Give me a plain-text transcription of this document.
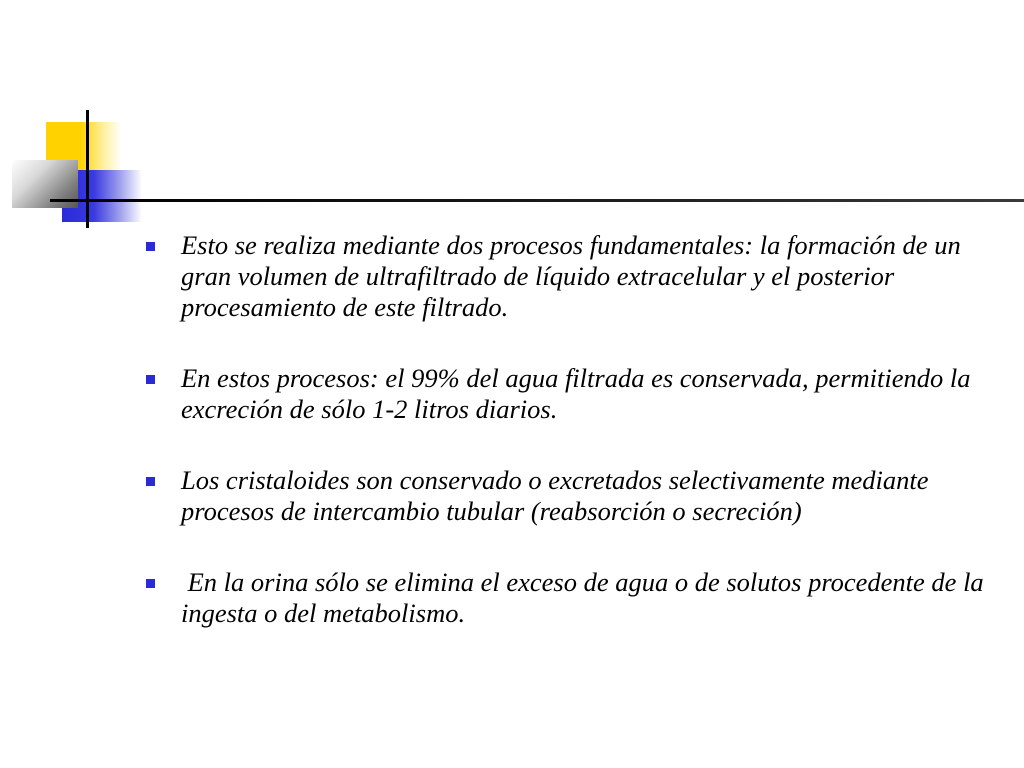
Esto se realiza mediante dos procesos fundamentales: la formación de un gran volumen de ultrafiltrado de líquido extracelular y el posterior procesamiento de este filtrado.
En estos procesos: el 99% del agua filtrada es conservada, permitiendo la excreción de sólo 1-2 litros diarios.
Los cristaloides son conservado o excretados selectivamente mediante procesos de intercambio tubular (reabsorción o secreción)
En la orina sólo se elimina el exceso de agua o de solutos procedente de la ingesta o del metabolismo.
